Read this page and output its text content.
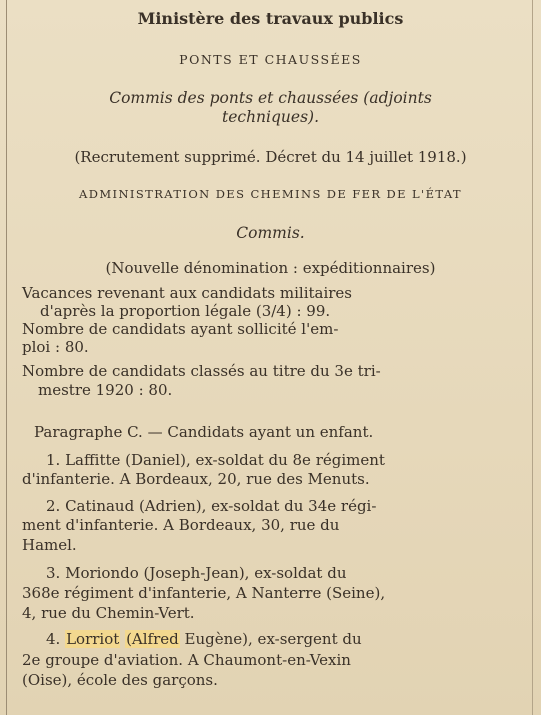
Ministère des travaux publics
PONTS ET CHAUSSÉES
Commis des ponts et chaussées (adjoints
techniques).
(Recrutement supprimé. Décret du 14 juillet 1918.)
ADMINISTRATION DES CHEMINS DE FER DE L'ÉTAT
Commis.
(Nouvelle dénomination : expéditionnaires)
Vacances revenant aux candidats militaires
d'après la proportion légale (3/4) : 99.
Nombre de candidats ayant sollicité l'em-
ploi : 80.
Nombre de candidats classés au titre du 3e tri-
mestre 1920 : 80.
Paragraphe C. — Candidats ayant un enfant.
1. Laffitte (Daniel), ex-soldat du 8e régiment
d'infanterie. A Bordeaux, 20, rue des Menuts.
2. Catinaud (Adrien), ex-soldat du 34e régi-
ment d'infanterie. A Bordeaux, 30, rue du
Hamel.
3. Moriondo (Joseph-Jean), ex-soldat du
368e régiment d'infanterie, A Nanterre (Seine),
4, rue du Chemin-Vert.
4. Lorriot (Alfred Eugène), ex-sergent du
2e groupe d'aviation. A Chaumont-en-Vexin
(Oise), école des garçons.
